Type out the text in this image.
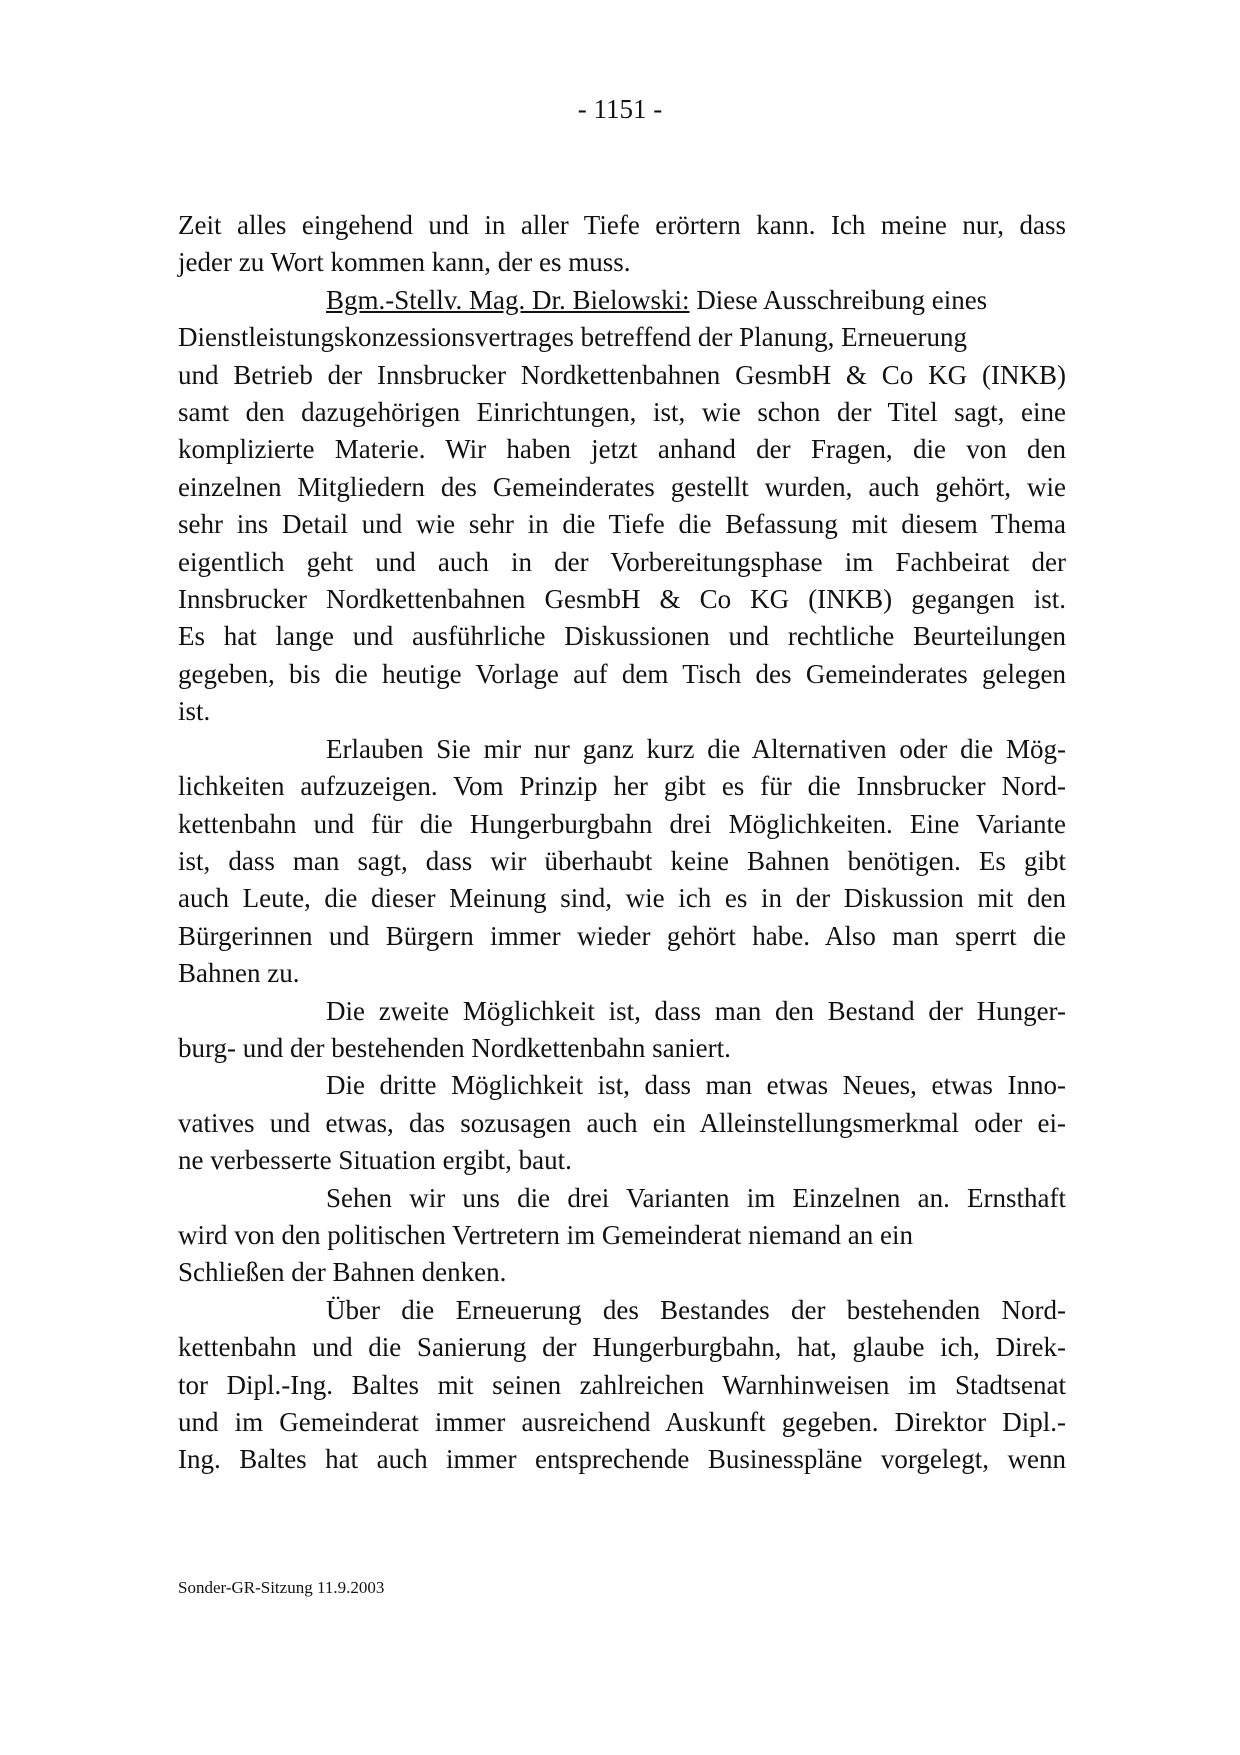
- 1151 -
Zeit alles eingehend und in aller Tiefe erörtern kann. Ich meine nur, dass
jeder zu Wort kommen kann, der es muss.
Bgm.-Stellv. Mag. Dr. Bielowski: Diese Ausschreibung eines
Dienstleistungskonzessionsvertrages betreffend der Planung, Erneuerung
und Betrieb der Innsbrucker Nordkettenbahnen GesmbH & Co KG (INKB)
samt den dazugehörigen Einrichtungen, ist, wie schon der Titel sagt, eine
komplizierte Materie. Wir haben jetzt anhand der Fragen, die von den
einzelnen Mitgliedern des Gemeinderates gestellt wurden, auch gehört, wie
sehr ins Detail und wie sehr in die Tiefe die Befassung mit diesem Thema
eigentlich geht und auch in der Vorbereitungsphase im Fachbeirat der
Innsbrucker Nordkettenbahnen GesmbH & Co KG (INKB) gegangen ist.
Es hat lange und ausführliche Diskussionen und rechtliche Beurteilungen
gegeben, bis die heutige Vorlage auf dem Tisch des Gemeinderates gelegen
ist.
Erlauben Sie mir nur ganz kurz die Alternativen oder die Mög-
lichkeiten aufzuzeigen. Vom Prinzip her gibt es für die Innsbrucker Nord-
kettenbahn und für die Hungerburgbahn drei Möglichkeiten. Eine Variante
ist, dass man sagt, dass wir überhaubt keine Bahnen benötigen. Es gibt
auch Leute, die dieser Meinung sind, wie ich es in der Diskussion mit den
Bürgerinnen und Bürgern immer wieder gehört habe. Also man sperrt die
Bahnen zu.
Die zweite Möglichkeit ist, dass man den Bestand der Hunger-
burg- und der bestehenden Nordkettenbahn saniert.
Die dritte Möglichkeit ist, dass man etwas Neues, etwas Inno-
vatives und etwas, das sozusagen auch ein Alleinstellungsmerkmal oder ei-
ne verbesserte Situation ergibt, baut.
Sehen wir uns die drei Varianten im Einzelnen an. Ernsthaft
wird von den politischen Vertretern im Gemeinderat niemand an ein
Schließen der Bahnen denken.
Über die Erneuerung des Bestandes der bestehenden Nord-
kettenbahn und die Sanierung der Hungerburgbahn, hat, glaube ich, Direk-
tor Dipl.-Ing. Baltes mit seinen zahlreichen Warnhinweisen im Stadtsenat
und im Gemeinderat immer ausreichend Auskunft gegeben. Direktor Dipl.-
Ing. Baltes hat auch immer entsprechende Businesspläne vorgelegt, wenn
Sonder-GR-Sitzung 11.9.2003
